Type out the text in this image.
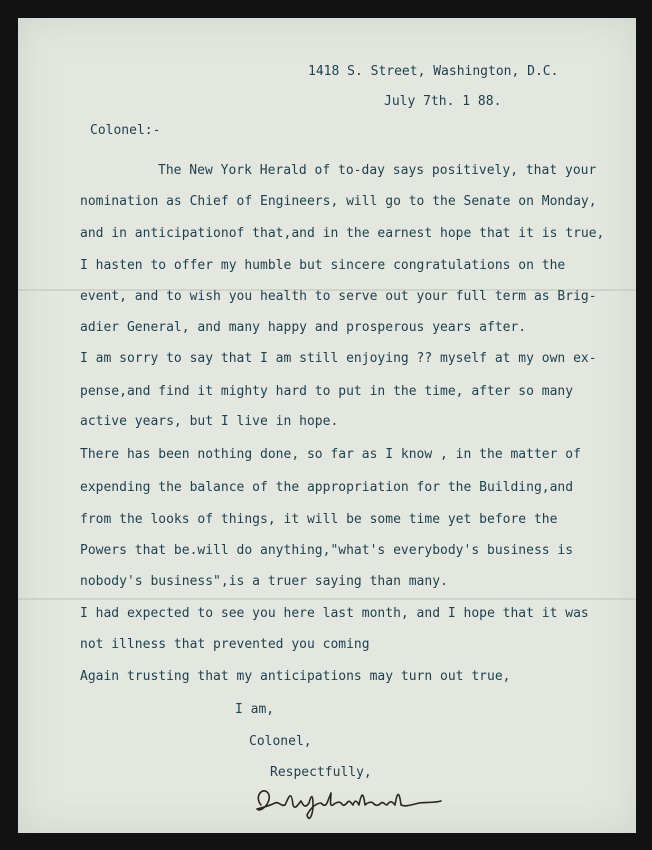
1418 S. Street, Washington, D.C.
July 7th. 1 88.
Colonel:-
The New York Herald of to-day says positively, that your
nomination as Chief of Engineers, will go to the Senate on Monday,
and in anticipationof that,and in the earnest hope that it is true,
I hasten to offer my humble but sincere congratulations on the
event, and to wish you health to serve out your full term as Brig-
adier General, and many happy and prosperous years after.
I am sorry to say that I am still enjoying ?? myself at my own ex-
pense,and find it mighty hard to put in the time, after so many
active years, but I live in hope.
There has been nothing done, so far as I know , in the matter of
expending the balance of the appropriation for the Building,and
from the looks of things, it will be some time yet before the
Powers that be.will do anything,"what's everybody's business is
nobody's business",is a truer saying than many.
I had expected to see you here last month, and I hope that it was
not illness that prevented you coming
Again trusting that my anticipations may turn out true,
I am,
Colonel,
Respectfully,
